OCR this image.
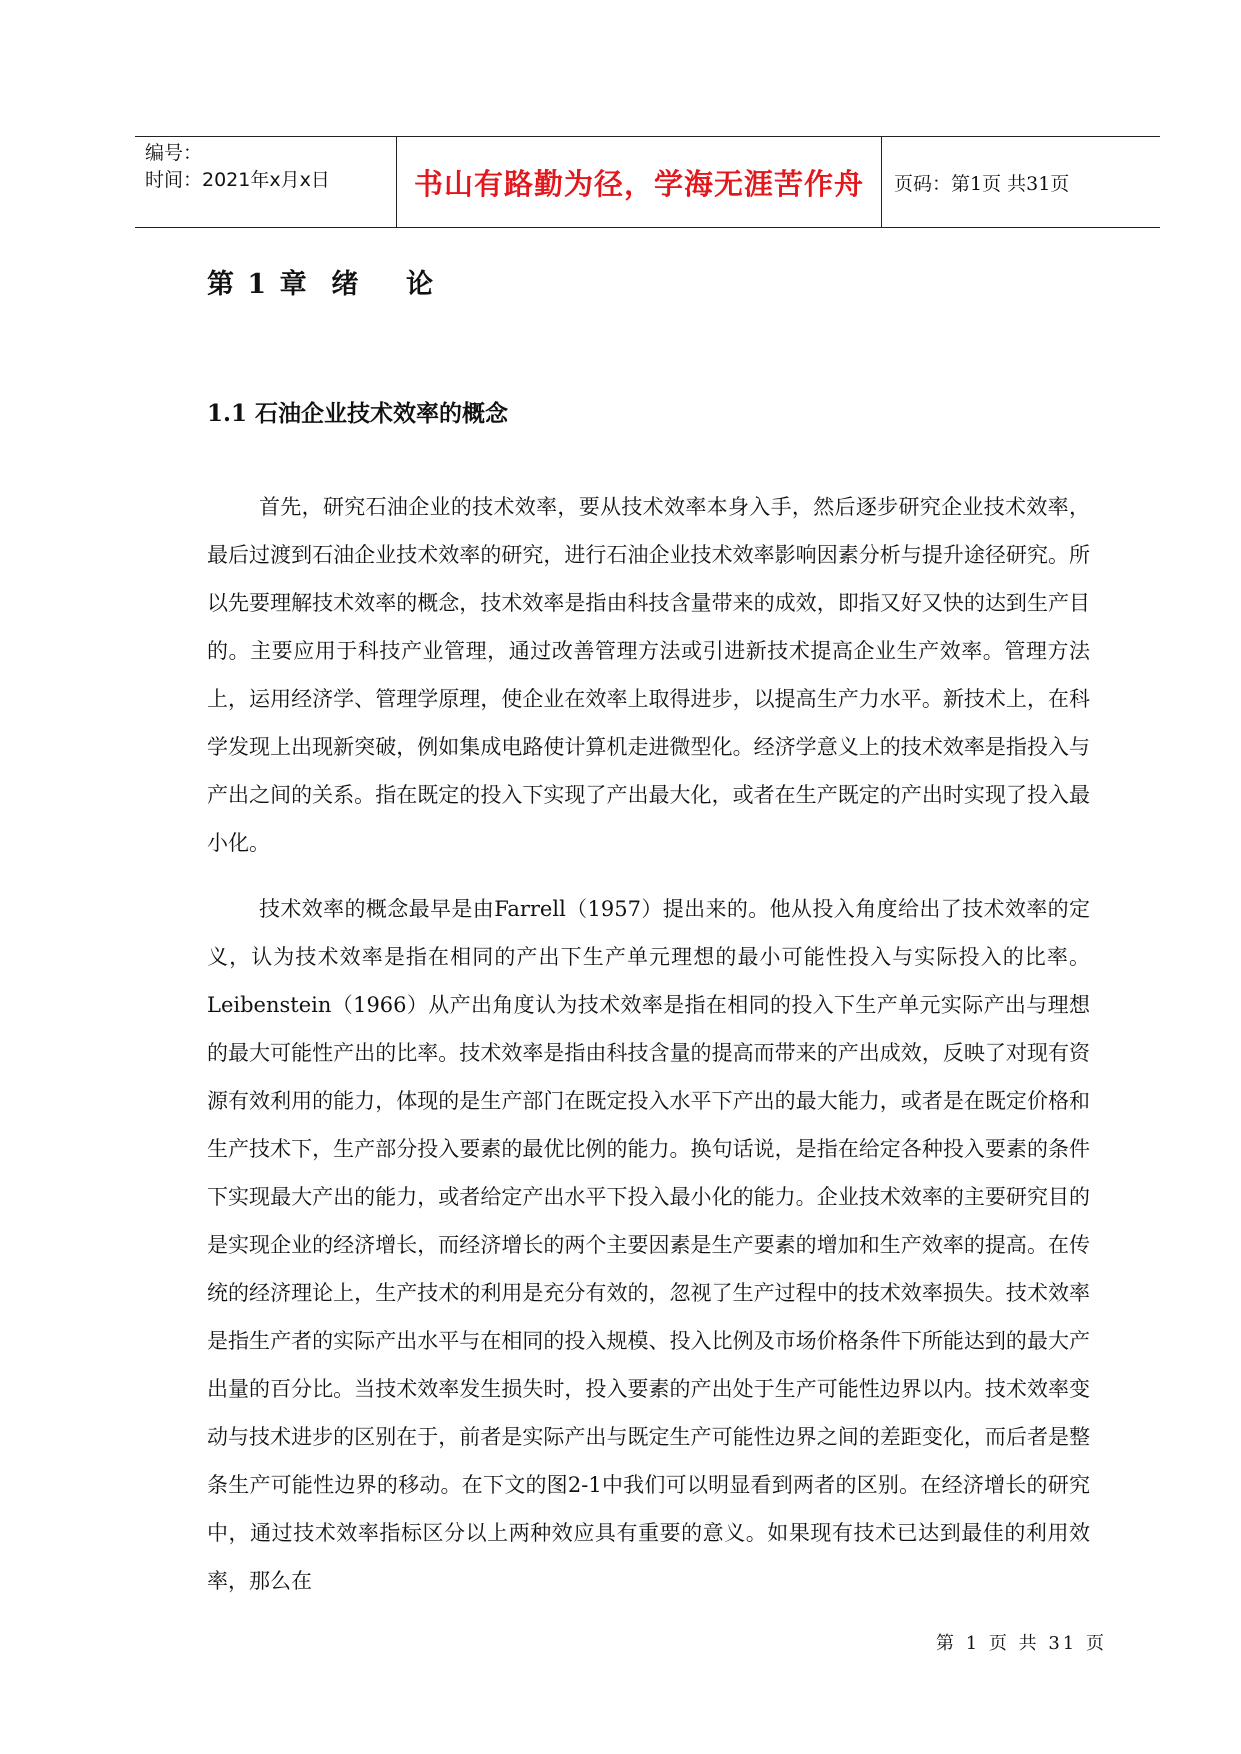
编号：
时间：2021年x月x日	书山有路勤为径，学海无涯苦作舟 页码：第1页 共31页
第 1 章  绪    论
1.1 石油企业技术效率的概念

首先，研究石油企业的技术效率，要从技术效率本身入手，然后逐步研究企业技术效率，最后过渡到石油企业技术效率的研究，进行石油企业技术效率影响因素分析与提升途径研究。所以先要理解技术效率的概念，技术效率是指由科技含量带来的成效，即指又好又快的达到生产目的。主要应用于科技产业管理，通过改善管理方法或引进新技术提高企业生产效率。管理方法上，运用经济学、管理学原理，使企业在效率上取得进步，以提高生产力水平。新技术上，在科学发现上出现新突破，例如集成电路使计算机走进微型化。经济学意义上的技术效率是指投入与产出之间的关系。指在既定的投入下实现了产出最大化，或者在生产既定的产出时实现了投入最小化。

技术效率的概念最早是由Farrell（1957）提出来的。他从投入角度给出了技术效率的定义，认为技术效率是指在相同的产出下生产单元理想的最小可能性投入与实际投入的比率。Leibenstein（1966）从产出角度认为技术效率是指在相同的投入下生产单元实际产出与理想的最大可能性产出的比率。技术效率是指由科技含量的提高而带来的产出成效，反映了对现有资源有效利用的能力，体现的是生产部门在既定投入水平下产出的最大能力，或者是在既定价格和生产技术下，生产部分投入要素的最优比例的能力。换句话说，是指在给定各种投入要素的条件下实现最大产出的能力，或者给定产出水平下投入最小化的能力。企业技术效率的主要研究目的是实现企业的经济增长，而经济增长的两个主要因素是生产要素的增加和生产效率的提高。在传统的经济理论上，生产技术的利用是充分有效的，忽视了生产过程中的技术效率损失。技术效率是指生产者的实际产出水平与在相同的投入规模、投入比例及市场价格条件下所能达到的最大产出量的百分比。当技术效率发生损失时，投入要素的产出处于生产可能性边界以内。技术效率变动与技术进步的区别在于，前者是实际产出与既定生产可能性边界之间的差距变化，而后者是整条生产可能性边界的移动。在下文的图2-1中我们可以明显看到两者的区别。在经济增长的研究中，通过技术效率指标区分以上两种效应具有重要的意义。如果现有技术已达到最佳的利用效率，那么在

第 1 页 共 31 页
